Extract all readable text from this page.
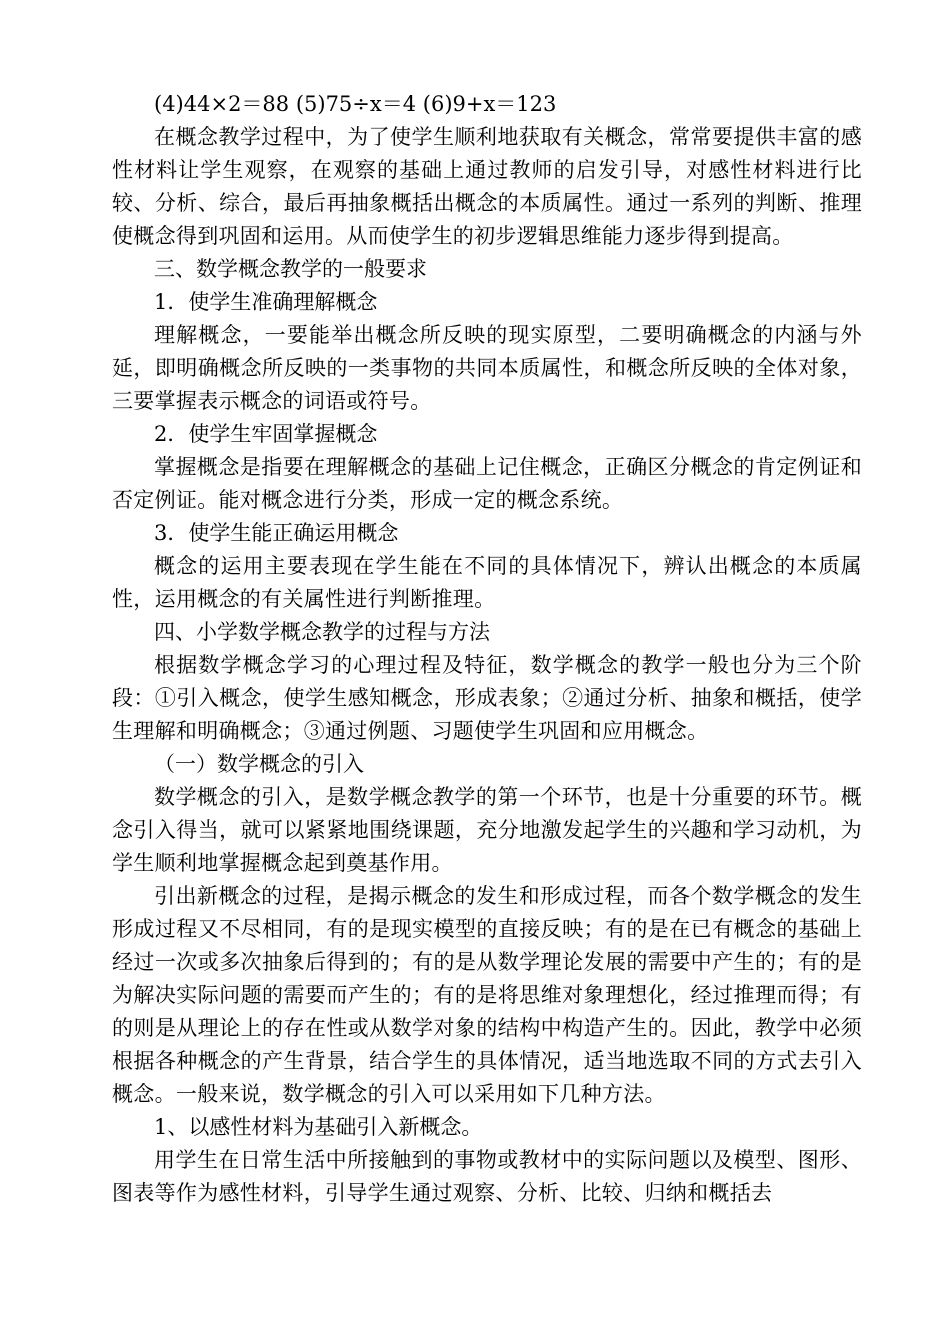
(4)44×2＝88 (5)75÷x＝4 (6)9+x＝123

在概念教学过程中，为了使学生顺利地获取有关概念，常常要提供丰富的感性材料让学生观察，在观察的基础上通过教师的启发引导，对感性材料进行比较、分析、综合，最后再抽象概括出概念的本质属性。通过一系列的判断、推理使概念得到巩固和运用。从而使学生的初步逻辑思维能力逐步得到提高。

三、数学概念教学的一般要求

1．使学生准确理解概念

理解概念，一要能举出概念所反映的现实原型，二要明确概念的内涵与外延，即明确概念所反映的一类事物的共同本质属性，和概念所反映的全体对象，三要掌握表示概念的词语或符号。

2．使学生牢固掌握概念

掌握概念是指要在理解概念的基础上记住概念，正确区分概念的肯定例证和否定例证。能对概念进行分类，形成一定的概念系统。

3．使学生能正确运用概念

概念的运用主要表现在学生能在不同的具体情况下，辨认出概念的本质属性，运用概念的有关属性进行判断推理。

四、小学数学概念教学的过程与方法

根据数学概念学习的心理过程及特征，数学概念的教学一般也分为三个阶段：①引入概念，使学生感知概念，形成表象；②通过分析、抽象和概括，使学生理解和明确概念；③通过例题、习题使学生巩固和应用概念。

（一）数学概念的引入

数学概念的引入，是数学概念教学的第一个环节，也是十分重要的环节。概念引入得当，就可以紧紧地围绕课题，充分地激发起学生的兴趣和学习动机，为学生顺利地掌握概念起到奠基作用。

引出新概念的过程，是揭示概念的发生和形成过程，而各个数学概念的发生形成过程又不尽相同，有的是现实模型的直接反映；有的是在已有概念的基础上经过一次或多次抽象后得到的；有的是从数学理论发展的需要中产生的；有的是为解决实际问题的需要而产生的；有的是将思维对象理想化，经过推理而得；有的则是从理论上的存在性或从数学对象的结构中构造产生的。因此，教学中必须根据各种概念的产生背景，结合学生的具体情况，适当地选取不同的方式去引入概念。一般来说，数学概念的引入可以采用如下几种方法。

1、以感性材料为基础引入新概念。

用学生在日常生活中所接触到的事物或教材中的实际问题以及模型、图形、图表等作为感性材料，引导学生通过观察、分析、比较、归纳和概括去
